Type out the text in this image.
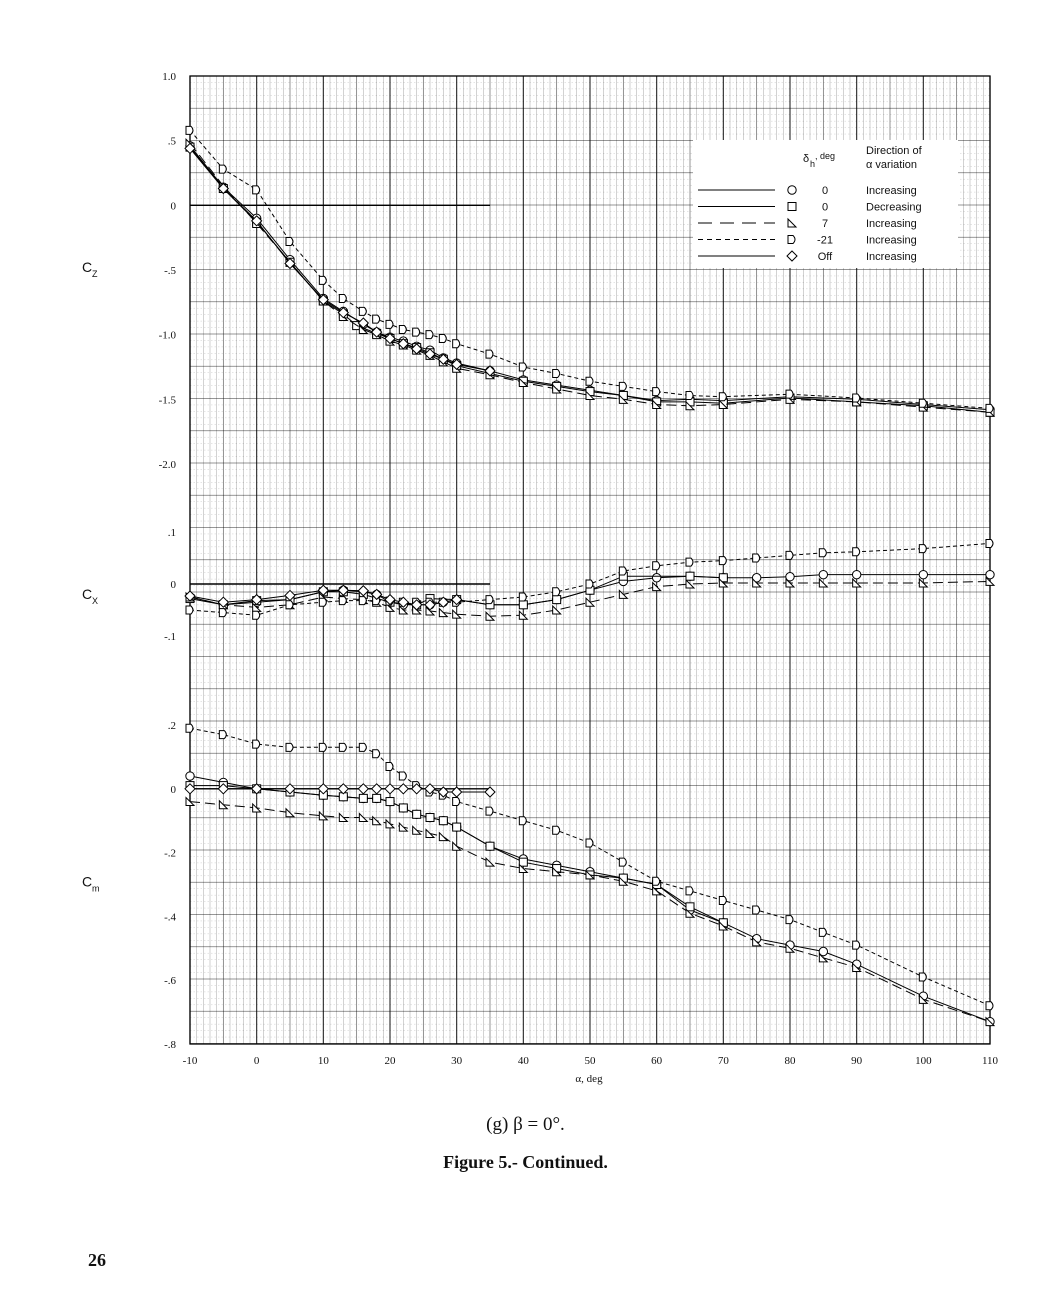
-10	0	10	20	30	40	50	60	70	80	90	100	110
1.0
.5
0
-.5
-1.0
-1.5
-2.0
C Z
.1
0
-.1
C X
.2
0
-.2
-.4
-.6
-.8
C m
δ h
, deg	Direction of
α variation
0	Increasing
0	Decreasing
7	Increasing
-21	Increasing
Off	Increasing
α, deg
(g) β = 0°.
Figure 5.- Continued.
26
